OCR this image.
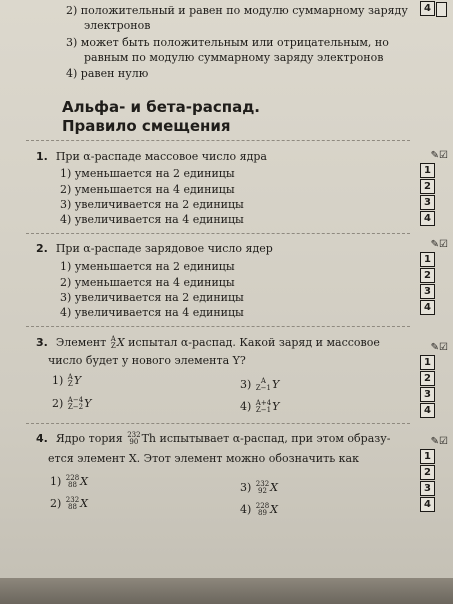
2) положительный и равен по модулю суммарному заряду
электронов
3) может быть положительным или отрицательным, но
равным по модулю суммарному заряду электронов
4) равен нулю
4
Альфа- и бета-распад.
Правило смещения
1. При α-распаде массовое число ядра
1) уменьшается на 2 единицы
2) уменьшается на 4 единицы
3) увеличивается на 2 единицы
4) увеличивается на 4 единицы
✎☑
1
2
3
4
2. При α-распаде зарядовое число ядер
1) уменьшается на 2 единицы
2) уменьшается на 4 единицы
3) увеличивается на 2 единицы
4) увеличивается на 4 единицы
✎☑
1
2
3
4
3. Элемент A
Z X испытал α-распад. Какой заряд и массовое
число будет у нового элемента Y?
1) A
Z Y
2) A−4
Z−2 Y
3)	A
Z−1 Y
4) A+4
Z−1 Y
✎☑
1
2
3
4
4. Ядро тория 232
90 Th испытывает α-распад, при этом образу-
ется элемент X. Этот элемент можно обозначить как
1) 228
88 X
2) 232
88 X
3) 232
92 X
4) 228
89 X
✎☑
1
2
3
4
